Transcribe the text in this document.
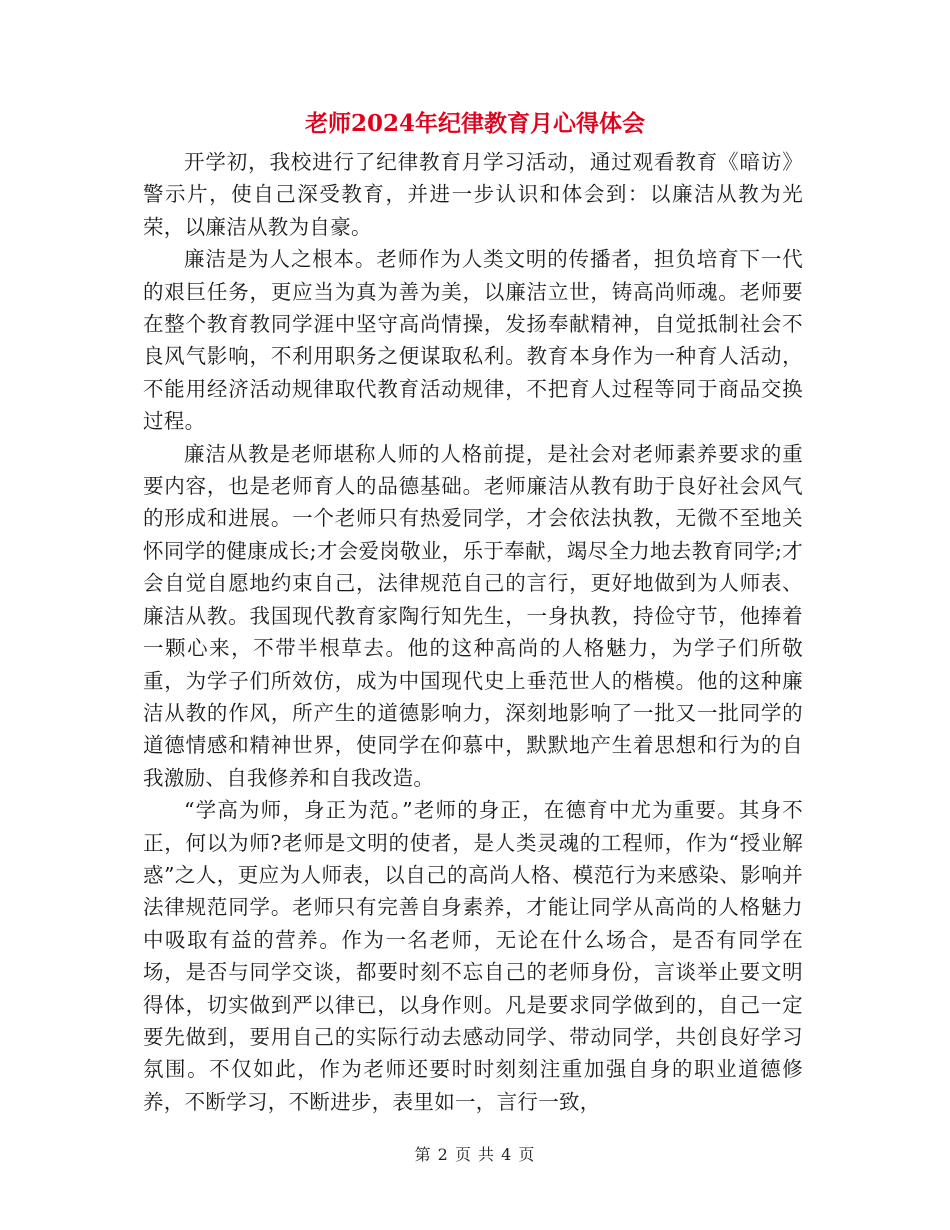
老师2024年纪律教育月心得体会

开学初，我校进行了纪律教育月学习活动，通过观看教育《暗访》警示片，使自己深受教育，并进一步认识和体会到：以廉洁从教为光荣，以廉洁从教为自豪。

廉洁是为人之根本。老师作为人类文明的传播者，担负培育下一代的艰巨任务，更应当为真为善为美，以廉洁立世，铸高尚师魂。老师要在整个教育教同学涯中坚守高尚情操，发扬奉献精神，自觉抵制社会不良风气影响，不利用职务之便谋取私利。教育本身作为一种育人活动，不能用经济活动规律取代教育活动规律，不把育人过程等同于商品交换过程。

廉洁从教是老师堪称人师的人格前提，是社会对老师素养要求的重要内容，也是老师育人的品德基础。老师廉洁从教有助于良好社会风气的形成和进展。一个老师只有热爱同学，才会依法执教，无微不至地关怀同学的健康成长;才会爱岗敬业，乐于奉献，竭尽全力地去教育同学;才会自觉自愿地约束自己，法律规范自己的言行，更好地做到为人师表、廉洁从教。我国现代教育家陶行知先生，一身执教，持俭守节，他捧着一颗心来，不带半根草去。他的这种高尚的人格魅力，为学子们所敬重，为学子们所效仿，成为中国现代史上垂范世人的楷模。他的这种廉洁从教的作风，所产生的道德影响力，深刻地影响了一批又一批同学的道德情感和精神世界，使同学在仰慕中，默默地产生着思想和行为的自我激励、自我修养和自我改造。

“学高为师，身正为范。”老师的身正，在德育中尤为重要。其身不正，何以为师?老师是文明的使者，是人类灵魂的工程师，作为“授业解惑”之人，更应为人师表，以自己的高尚人格、模范行为来感染、影响并法律规范同学。老师只有完善自身素养，才能让同学从高尚的人格魅力中吸取有益的营养。作为一名老师，无论在什么场合，是否有同学在场，是否与同学交谈，都要时刻不忘自己的老师身份，言谈举止要文明得体，切实做到严以律已，以身作则。凡是要求同学做到的，自己一定要先做到，要用自己的实际行动去感动同学、带动同学，共创良好学习氛围。不仅如此，作为老师还要时时刻刻注重加强自身的职业道德修养，不断学习，不断进步，表里如一，言行一致，

第 2 页 共 4 页
